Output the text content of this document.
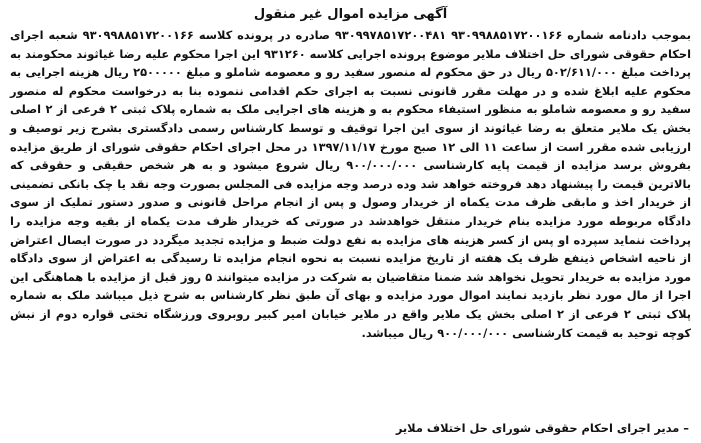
آگهی مزایده اموال غیر منقول

بموجب دادنامه شماره ۹۳۰۹۹۸۸۵۱۷۲۰۰۱۶۶ ۹۳۰۹۹۷۸۵۱۷۲۰۰۴۸۱ صادره در پرونده کلاسه ۹۳۰۹۹۸۸۵۱۷۲۰۰۱۶۶ شعبه اجرای احکام حقوقی شورای حل اختلاف ملایر موضوع پرونده اجرایی کلاسه ۹۳۱۲۶۰ این اجرا محکوم علیه رضا غیاثوند محکومند به پرداخت مبلغ ۵۰۲/۶۱۱/۰۰۰ ریال در حق محکوم له منصور سفید رو و معصومه شاملو و مبلغ ۲۵۰۰۰۰۰ ریال هزینه اجرایی به محکوم علیه ابلاغ شده و در مهلت مقرر قانونی نسبت به اجرای حکم اقدامی ننموده بنا به درخواست محکوم له منصور سفید رو و معصومه شاملو به منظور استیفاء محکوم به و هزینه های اجرایی ملک به شماره پلاک ثبتی ۲ فرعی از ۲ اصلی بخش یک ملایر متعلق به رضا غیاثوند از سوی این اجرا توقیف و توسط کارشناس رسمی دادگستری بشرح زیر توصیف و ارزیابی شده مقرر است از ساعت ۱۱ الی ۱۲ صبح مورخ ۱۳۹۷/۱۱/۱۷ در محل اجرای احکام حقوقی شورای از طریق مزایده بفروش برسد مزایده از قیمت پایه کارشناسی ۹۰۰/۰۰۰/۰۰۰ ریال شروع میشود و به هر شخص حقیقی و حقوقی که بالاترین قیمت را پیشنهاد دهد فروخته خواهد شد وده درصد وجه مزایده فی المجلس بصورت وجه نقد یا چک بانکی تضمینی از خریدار اخذ و مابقی ظرف مدت یکماه از خریدار وصول و پس از انجام مراحل قانونی و صدور دستور تملیک از سوی دادگاه مربوطه مورد مزایده بنام خریدار منتقل خواهدشد در صورتی که خریدار ظرف مدت یکماه از بقیه وجه مزایده را پرداخت ننماید سپرده او پس از کسر هزینه های مزایده به نفع دولت ضبط و مزایده تجدید میگردد در صورت ایصال اعتراض از ناحیه اشخاص ذینفع ظرف یک هفته از تاریخ مزایده نسبت به نحوه انجام مزایده تا رسیدگی به اعتراض از سوی دادگاه مورد مزایده به خریدار تحویل نخواهد شد ضمنا متقاضیان به شرکت در مزایده میتوانند ۵ روز قبل از مزایده با هماهنگی این اجرا از مال مورد نظر بازدید نمایند اموال مورد مزایده و بهای آن طبق نظر کارشناس به شرح ذیل میباشد ملک به شماره پلاک ثبتی ۲ فرعی از ۲ اصلی بخش یک ملایر واقع در ملایر خیابان امیر کبیر روبروی ورزشگاه تختی قواره دوم از نبش کوچه توحید به قیمت کارشناسی ۹۰۰/۰۰۰/۰۰۰ ریال میباشد.

– مدیر اجرای احکام حقوقی شورای حل اختلاف ملایر
